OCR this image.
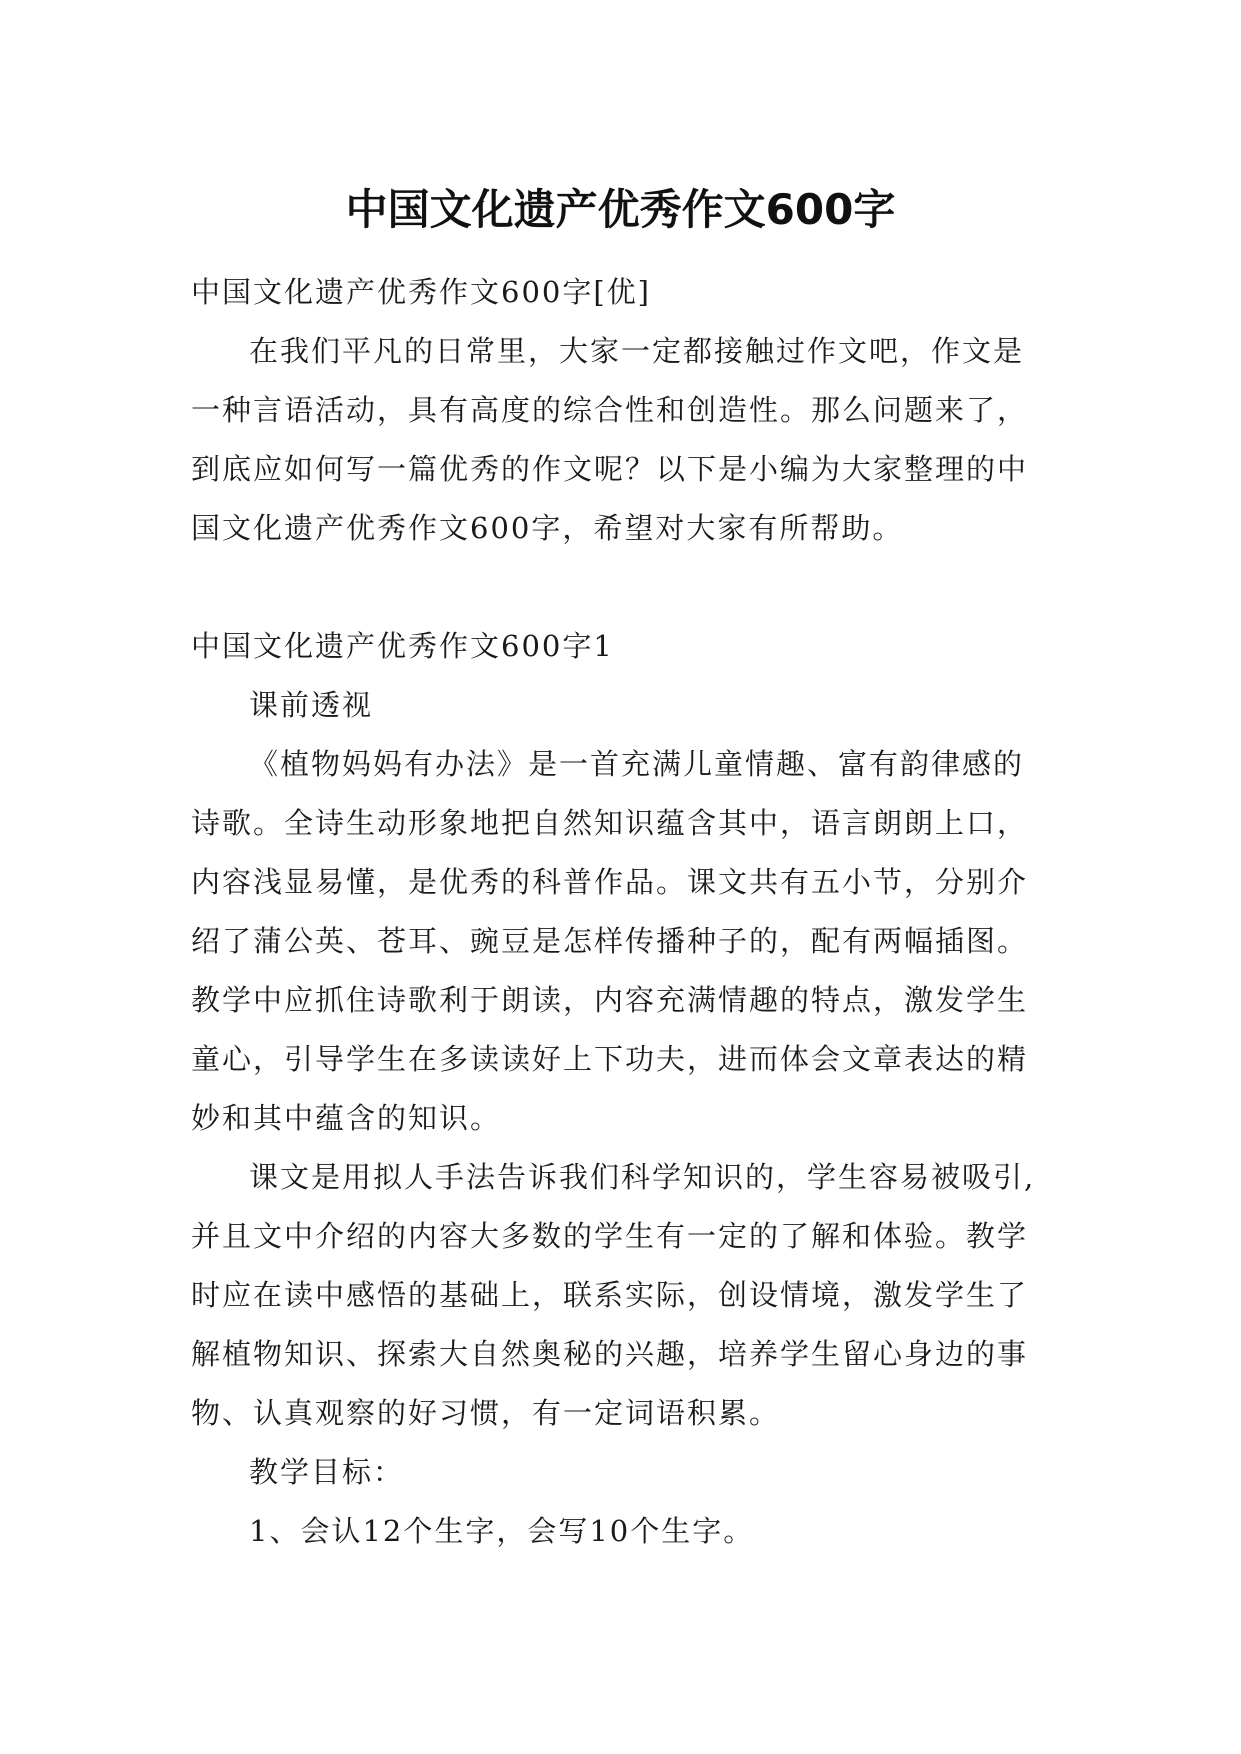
中国文化遗产优秀作文600字

中国文化遗产优秀作文600字[优]

在我们平凡的日常里，大家一定都接触过作文吧，作文是一种言语活动，具有高度的综合性和创造性。那么问题来了，到底应如何写一篇优秀的作文呢？以下是小编为大家整理的中国文化遗产优秀作文600字，希望对大家有所帮助。

中国文化遗产优秀作文600字1

课前透视

《植物妈妈有办法》是一首充满儿童情趣、富有韵律感的诗歌。全诗生动形象地把自然知识蕴含其中，语言朗朗上口，内容浅显易懂，是优秀的科普作品。课文共有五小节，分别介绍了蒲公英、苍耳、豌豆是怎样传播种子的，配有两幅插图。教学中应抓住诗歌利于朗读，内容充满情趣的特点，激发学生童心，引导学生在多读读好上下功夫，进而体会文章表达的精妙和其中蕴含的知识。

课文是用拟人手法告诉我们科学知识的，学生容易被吸引,并且文中介绍的内容大多数的学生有一定的了解和体验。教学时应在读中感悟的基础上，联系实际，创设情境，激发学生了解植物知识、探索大自然奥秘的兴趣，培养学生留心身边的事物、认真观察的好习惯，有一定词语积累。

教学目标：

1、会认12个生字，会写10个生字。
